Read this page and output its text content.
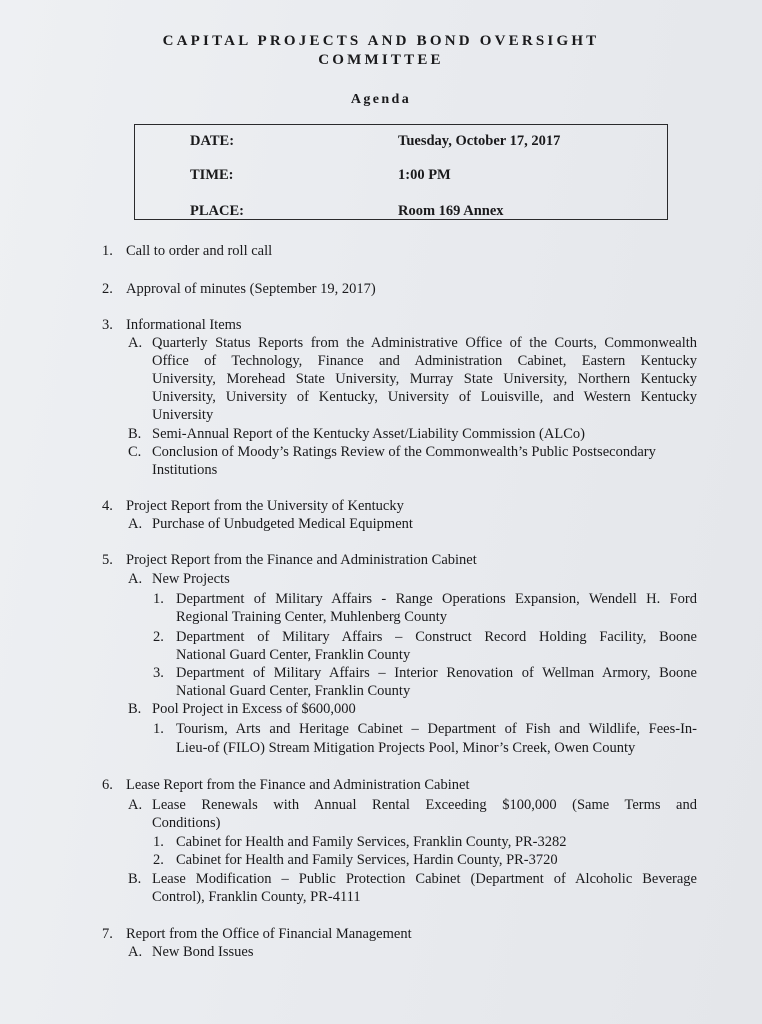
CAPITAL PROJECTS AND BOND OVERSIGHT
COMMITTEE
Agenda
DATE:	Tuesday, October 17, 2017
TIME:	1:00 PM
PLACE:	Room 169 Annex
1. Call to order and roll call
2. Approval of minutes (September 19, 2017)
3. Informational Items
A. Quarterly Status Reports from the Administrative Office of the Courts, Commonwealth
Office of Technology, Finance and Administration Cabinet, Eastern Kentucky
University, Morehead State University, Murray State University, Northern Kentucky
University, University of Kentucky, University of Louisville, and Western Kentucky
University
B. Semi-Annual Report of the Kentucky Asset/Liability Commission (ALCo)
C. Conclusion of Moody’s Ratings Review of the Commonwealth’s Public Postsecondary
Institutions
4. Project Report from the University of Kentucky
A. Purchase of Unbudgeted Medical Equipment
5. Project Report from the Finance and Administration Cabinet
A. New Projects
1. Department of Military Affairs - Range Operations Expansion, Wendell H. Ford
Regional Training Center, Muhlenberg County
2. Department of Military Affairs – Construct Record Holding Facility, Boone
National Guard Center, Franklin County
3. Department of Military Affairs – Interior Renovation of Wellman Armory, Boone
National Guard Center, Franklin County
B. Pool Project in Excess of $600,000
1. Tourism, Arts and Heritage Cabinet – Department of Fish and Wildlife, Fees-In-
Lieu-of (FILO) Stream Mitigation Projects Pool, Minor’s Creek, Owen County
6. Lease Report from the Finance and Administration Cabinet
A. Lease Renewals with Annual Rental Exceeding $100,000 (Same Terms and
Conditions)
1. Cabinet for Health and Family Services, Franklin County, PR-3282
2. Cabinet for Health and Family Services, Hardin County, PR-3720
B. Lease Modification – Public Protection Cabinet (Department of Alcoholic Beverage
Control), Franklin County, PR-4111
7. Report from the Office of Financial Management
A. New Bond Issues
